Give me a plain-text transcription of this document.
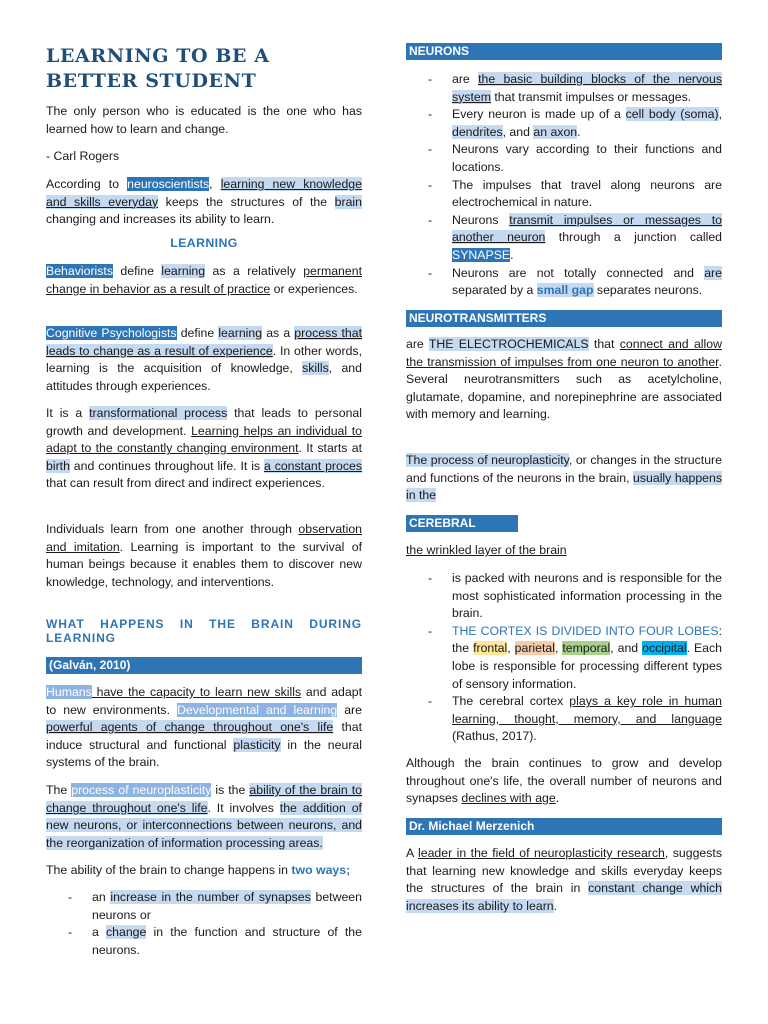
LEARNING TO BE A BETTER STUDENT

The only person who is educated is the one who has learned how to learn and change.

- Carl Rogers

According to neuroscientists, learning new knowledge and skills everyday keeps the structures of the brain changing and increases its ability to learn.

LEARNING

Behaviorists define learning as a relatively permanent change in behavior as a result of practice or experiences.

Cognitive Psychologists define learning as a process that leads to change as a result of experience. In other words, learning is the acquisition of knowledge, skills, and attitudes through experiences.

It is a transformational process that leads to personal growth and development. Learning helps an individual to adapt to the constantly changing environment. It starts at birth and continues throughout life. It is a constant proces that can result from direct and indirect experiences.

Individuals learn from one another through observation and imitation. Learning is important to the survival of human beings because it enables them to discover new knowledge, technology, and interventions.

WHAT HAPPENS IN THE BRAIN DURING LEARNING
(Galván, 2010)

Humans have the capacity to learn new skills and adapt to new environments. Developmental and learning are powerful agents of change throughout one's life that induce structural and functional plasticity in the neural systems of the brain.

The process of neuroplasticity is the ability of the brain to change throughout one's life. It involves the addition of new neurons, or interconnections between neurons, and the reorganization of information processing areas.

The ability of the brain to change happens in two ways;

- an increase in the number of synapses between neurons or
- a change in the function and structure of the neurons.
NEURONS
- are the basic building blocks of the nervous system that transmit impulses or messages.
- Every neuron is made up of a cell body (soma), dendrites, and an axon.
- Neurons vary according to their functions and locations.
- The impulses that travel along neurons are electrochemical in nature.
- Neurons transmit impulses or messages to another neuron through a junction called SYNAPSE.
- Neurons are not totally connected and are separated by a small gap separates neurons.
NEUROTRANSMITTERS

are THE ELECTROCHEMICALS that connect and allow the transmission of impulses from one neuron to another. Several neurotransmitters such as acetylcholine, glutamate, dopamine, and norepinephrine are associated with memory and learning.

The process of neuroplasticity, or changes in the structure and functions of the neurons in the brain, usually happens in the

CEREBRAL CORTEX

the wrinkled layer of the brain

- is packed with neurons and is responsible for the most sophisticated information processing in the brain.
- THE CORTEX IS DIVIDED INTO FOUR LOBES: the frontal, parietal, temporal, and occipital. Each lobe is responsible for processing different types of sensory information.
- The cerebral cortex plays a key role in human learning, thought, memory, and language (Rathus, 2017).

Although the brain continues to grow and develop throughout one's life, the overall number of neurons and synapses declines with age.

Dr. Michael Merzenich

A leader in the field of neuroplasticity research, suggests that learning new knowledge and skills everyday keeps the structures of the brain in constant change which increases its ability to learn.
